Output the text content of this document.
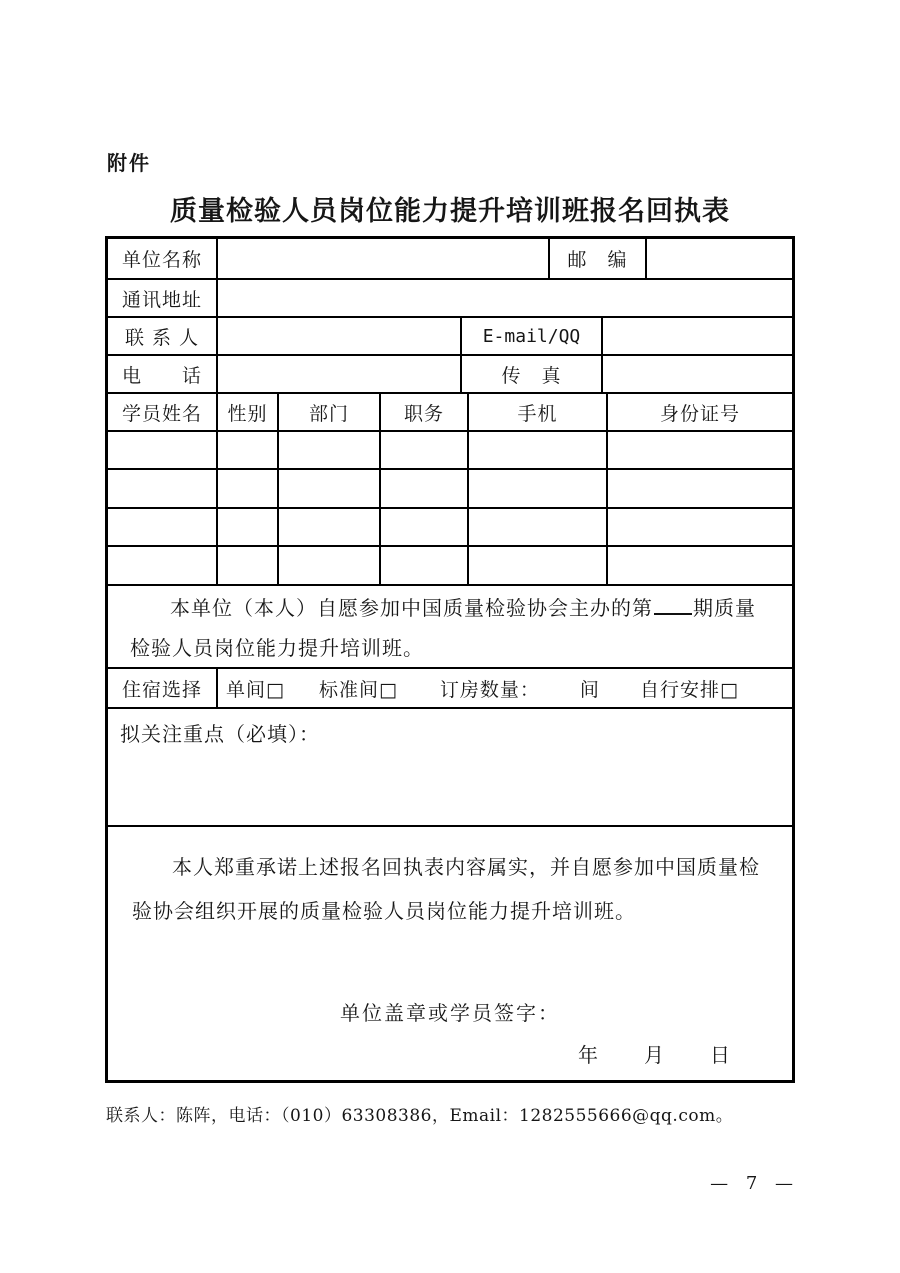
附件
质量检验人员岗位能力提升培训班报名回执表
单位名称	邮　编
通讯地址
联 系 人	E-mail/QQ
电　　话	传　真
学员姓名	性别	部门	职务	手机	身份证号
本单位（本人）自愿参加中国质量检验协会主办的第 期质量检验人员岗位能力提升培训班。
住宿选择	单间□ 标准间□ 订房数量： 间 自行安排□
拟关注重点（必填）：
本人郑重承诺上述报名回执表内容属实，并自愿参加中国质量检验协会组织开展的质量检验人员岗位能力提升培训班。
单位盖章或学员签字：
年　　月　　日
联系人：陈阵，电话：（010）63308386，Email：1282555666@qq.com。
— 7 —
